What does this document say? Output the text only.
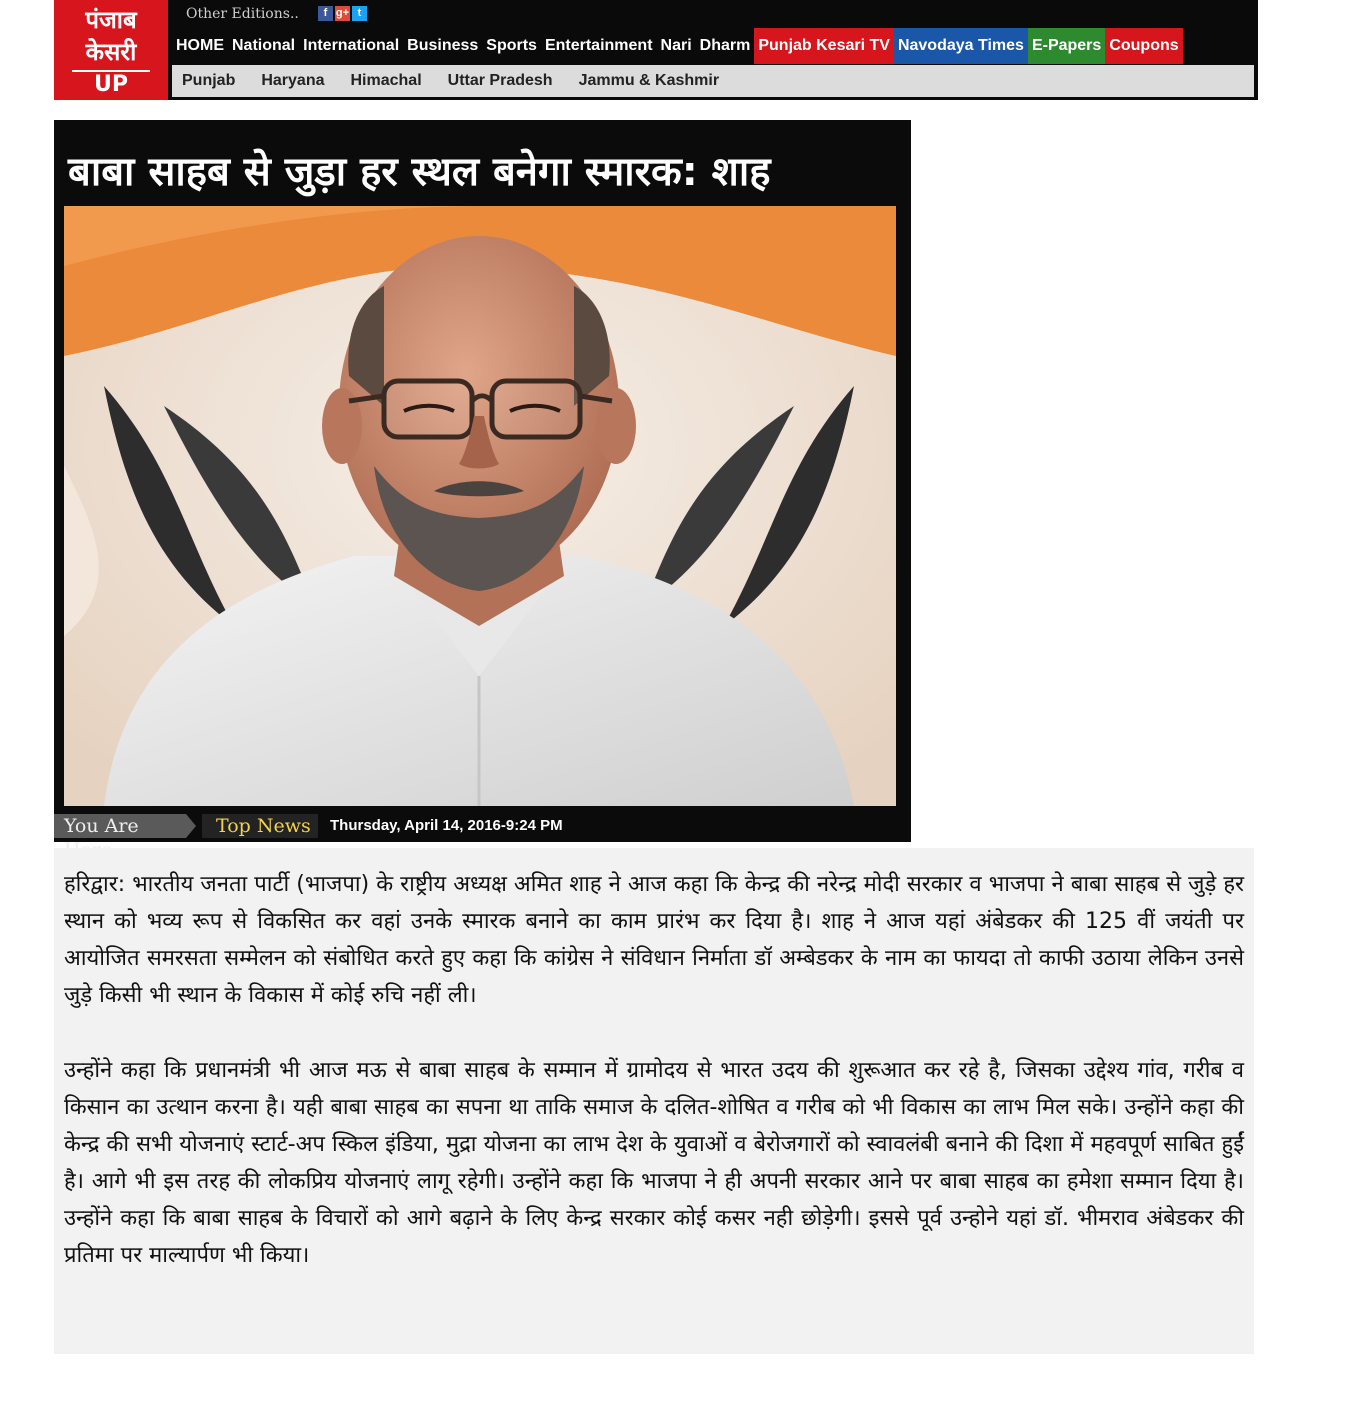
पंजाब
केसरी
UP
Other Editions..	f g+ t
HOME National International Business Sports Entertainment Nari Dharm Punjab Kesari TV Navodaya Times E-Papers Coupons
Punjab	Haryana	Himachal	Uttar Pradesh	Jammu & Kashmir
बाबा साहब से जुड़ा हर स्थल बनेगा स्मारक: शाह
You Are	Top News	Thursday, April 14, 2016-9:24 PM

हरिद्वार: भारतीय जनता पार्टी (भाजपा) के राष्ट्रीय अध्यक्ष अमित शाह ने आज कहा कि केन्द्र की नरेन्द्र मोदी सरकार व भाजपा ने बाबा साहब से जुड़े हर स्थान को भव्य रूप से विकसित कर वहां उनके स्मारक बनाने का काम प्रारंभ कर दिया है। शाह ने आज यहां अंबेडकर की 125 वीं जयंती पर आयोजित समरसता सम्मेलन को संबोधित करते हुए कहा कि कांग्रेस ने संविधान निर्माता डॉ अम्बेडकर के नाम का फायदा तो काफी उठाया लेकिन उनसे जुड़े किसी भी स्थान के विकास में कोई रुचि नहीं ली।

उन्होंने कहा कि प्रधानमंत्री भी आज मऊ से बाबा साहब के सम्मान में ग्रामोदय से भारत उदय की शुरूआत कर रहे है, जिसका उद्देश्य गांव, गरीब व किसान का उत्थान करना है। यही बाबा साहब का सपना था ताकि समाज के दलित-शोषित व गरीब को भी विकास का लाभ मिल सके। उन्होंने कहा की केन्द्र की सभी योजनाएं स्टार्ट-अप स्किल इंडिया, मुद्रा योजना का लाभ देश के युवाओं व बेरोजगारों को स्वावलंबी बनाने की दिशा में महवपूर्ण साबित हुईं है। आगे भी इस तरह की लोकप्रिय योजनाएं लागू रहेगी। उन्होंने कहा कि भाजपा ने ही अपनी सरकार आने पर बाबा साहब का हमेशा सम्मान दिया है। उन्होंने कहा कि बाबा साहब के विचारों को आगे बढ़ाने के लिए केन्द्र सरकार कोई कसर नही छोड़ेगी। इससे पूर्व उन्होने यहां डॉ. भीमराव अंबेडकर की प्रतिमा पर माल्यार्पण भी किया।
